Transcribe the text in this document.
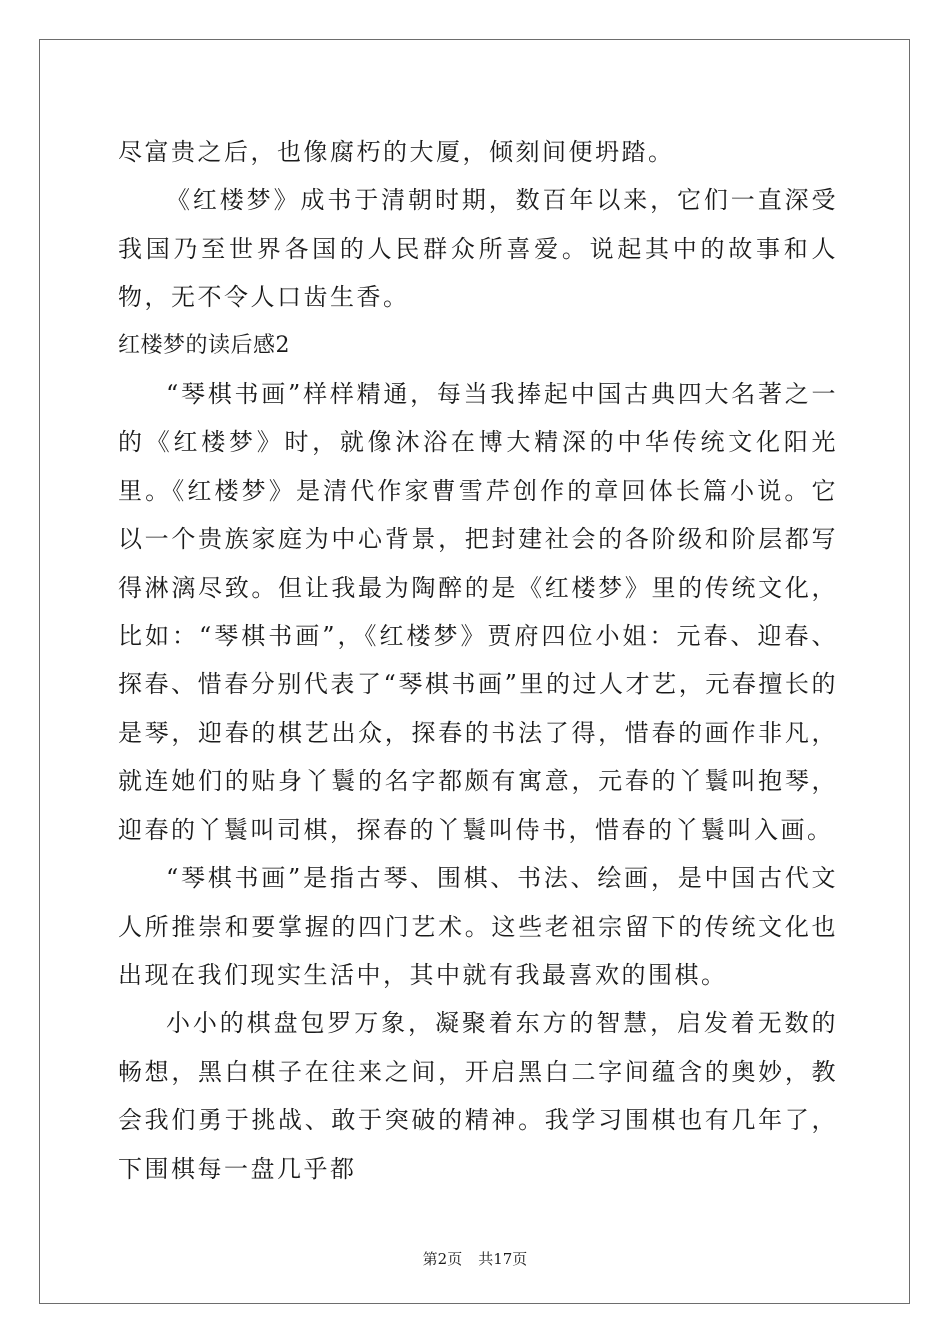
尽富贵之后，也像腐朽的大厦，倾刻间便坍踏。

《红楼梦》成书于清朝时期，数百年以来，它们一直深受我国乃至世界各国的人民群众所喜爱。说起其中的故事和人物，无不令人口齿生香。

红楼梦的读后感2

“琴棋书画”样样精通，每当我捧起中国古典四大名著之一的《红楼梦》时，就像沐浴在博大精深的中华传统文化阳光里。《红楼梦》是清代作家曹雪芹创作的章回体长篇小说。它以一个贵族家庭为中心背景，把封建社会的各阶级和阶层都写得淋漓尽致。但让我最为陶醉的是《红楼梦》里的传统文化，比如：“琴棋书画”，《红楼梦》贾府四位小姐：元春、迎春、探春、惜春分别代表了“琴棋书画”里的过人才艺，元春擅长的是琴，迎春的棋艺出众，探春的书法了得，惜春的画作非凡，就连她们的贴身丫鬟的名字都颇有寓意，元春的丫鬟叫抱琴，迎春的丫鬟叫司棋，探春的丫鬟叫侍书，惜春的丫鬟叫入画。

“琴棋书画”是指古琴、围棋、书法、绘画，是中国古代文人所推崇和要掌握的四门艺术。这些老祖宗留下的传统文化也出现在我们现实生活中，其中就有我最喜欢的围棋。

小小的棋盘包罗万象，凝聚着东方的智慧，启发着无数的畅想，黑白棋子在往来之间，开启黑白二字间蕴含的奥妙，教会我们勇于挑战、敢于突破的精神。我学习围棋也有几年了，下围棋每一盘几乎都

第2页 共17页
